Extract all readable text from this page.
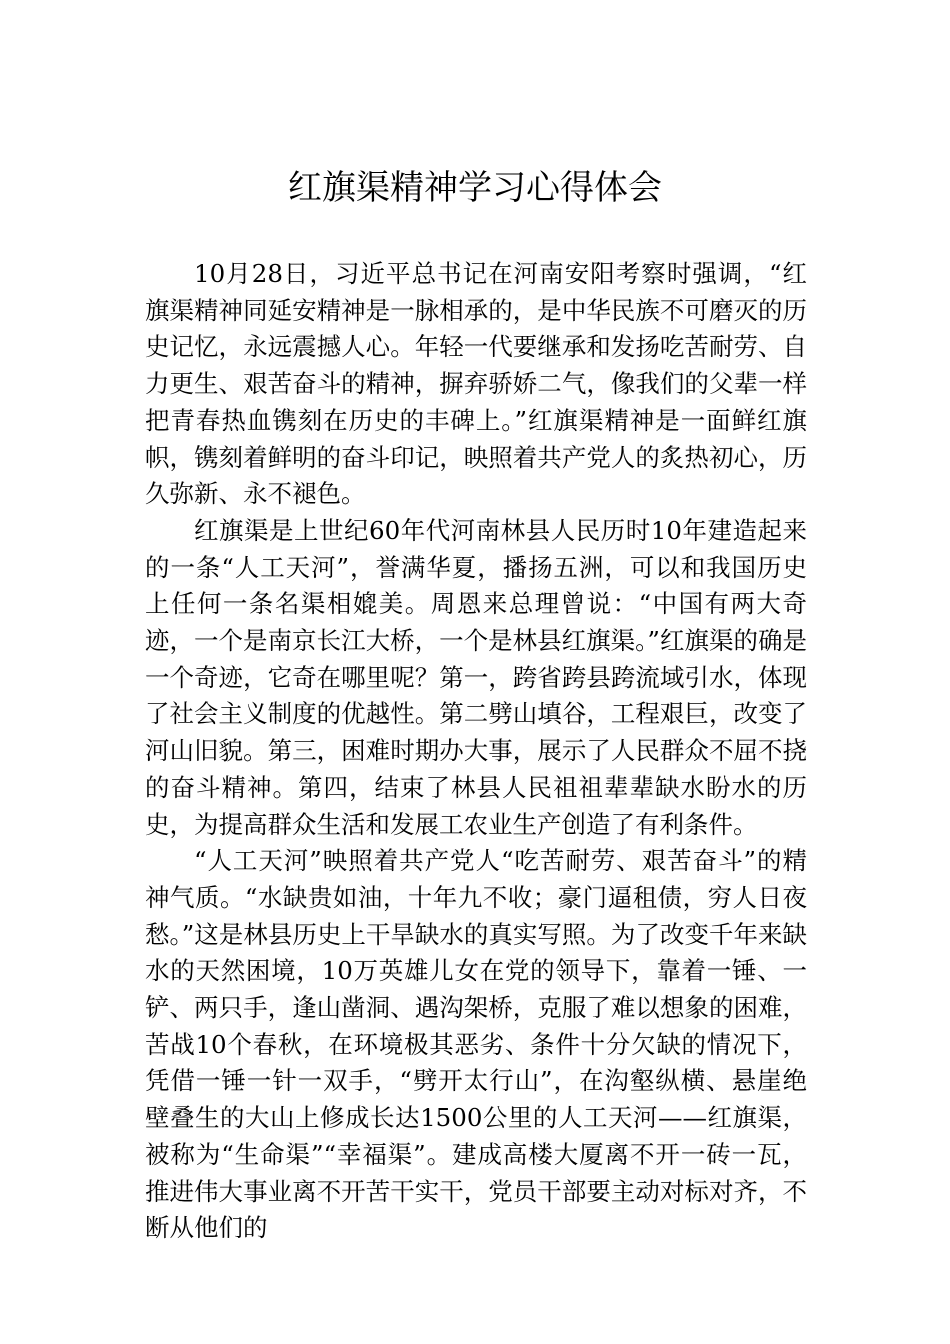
红旗渠精神学习心得体会

10月28日，习近平总书记在河南安阳考察时强调，“红旗渠精神同延安精神是一脉相承的，是中华民族不可磨灭的历史记忆，永远震撼人心。年轻一代要继承和发扬吃苦耐劳、自力更生、艰苦奋斗的精神，摒弃骄娇二气，像我们的父辈一样把青春热血镌刻在历史的丰碑上。”红旗渠精神是一面鲜红旗帜，镌刻着鲜明的奋斗印记，映照着共产党人的炙热初心，历久弥新、永不褪色。

红旗渠是上世纪60年代河南林县人民历时10年建造起来的一条“人工天河”，誉满华夏，播扬五洲，可以和我国历史上任何一条名渠相媲美。周恩来总理曾说：“中国有两大奇迹，一个是南京长江大桥，一个是林县红旗渠。”红旗渠的确是一个奇迹，它奇在哪里呢？第一，跨省跨县跨流域引水，体现了社会主义制度的优越性。第二劈山填谷，工程艰巨，改变了河山旧貌。第三，困难时期办大事，展示了人民群众不屈不挠的奋斗精神。第四，结束了林县人民祖祖辈辈缺水盼水的历史，为提高群众生活和发展工农业生产创造了有利条件。

“人工天河”映照着共产党人“吃苦耐劳、艰苦奋斗”的精神气质。“水缺贵如油，十年九不收；豪门逼租债，穷人日夜愁。”这是林县历史上干旱缺水的真实写照。为了改变千年来缺水的天然困境，10万英雄儿女在党的领导下，靠着一锤、一铲、两只手，逢山凿洞、遇沟架桥，克服了难以想象的困难，苦战10个春秋，在环境极其恶劣、条件十分欠缺的情况下，凭借一锤一针一双手，“劈开太行山”，在沟壑纵横、悬崖绝壁叠生的大山上修成长达1500公里的人工天河——红旗渠，被称为“生命渠”“幸福渠”。建成高楼大厦离不开一砖一瓦，推进伟大事业离不开苦干实干，党员干部要主动对标对齐，不断从他们的
